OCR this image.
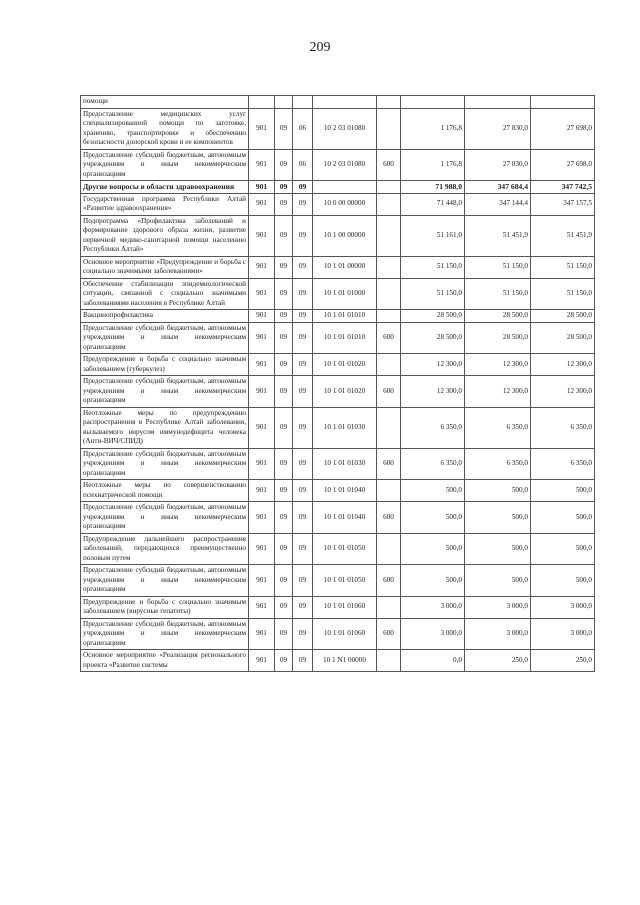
209
помощи								
Предоставление медицинских услуг специализированной помощи по заготовке, хранению, транспортировке и обеспечению безопасности донорской крови и ее компонентов	901	09	06	10 2 03 01080		1 176,8	27 830,0	27 698,0
Предоставление субсидий бюджетным, автономным учреждениям и иным некоммерческим организациям	901	09	06	10 2 03 01080	600	1 176,8	27 830,0	27 698,0
Другие вопросы в области здравоохранения	901	09	09			71 988,0	347 684,4	347 742,5
Государственная программа Республики Алтай «Развитие здравоохранения»	901	09	09	10 0 00 00000		71 448,0	347 144,4	347 157,5
Подпрограмма «Профилактика заболеваний и формирование здорового образа жизни, развитие первичной медико-санитарной помощи населению Республики Алтай»	901	09	09	10 1 00 00000		51 161,0	51 451,9	51 451,9
Основное мероприятие «Предупреждение и борьба с социально значимыми заболеваниями»	901	09	09	10 1 01 00000		51 150,0	51 150,0	51 150,0
Обеспечение стабилизации эпидемиологической ситуации, связанной с социально значимыми заболеваниями населения в Республике Алтай	901	09	09	10 1 01 01000		51 150,0	51 150,0	51 150,0
Вакцинопрофилактика	901	09	09	10 1 01 01010		28 500,0	28 500,0	28 500,0
Предоставление субсидий бюджетным, автономным учреждениям и иным некоммерческим организациям	901	09	09	10 1 01 01010	600	28 500,0	28 500,0	28 500,0
Предупреждение и борьба с социально значимым заболеванием (туберкулез)	901	09	09	10 1 01 01020		12 300,0	12 300,0	12 300,0
Предоставление субсидий бюджетным, автономным учреждениям и иным некоммерческим организациям	901	09	09	10 1 01 01020	600	12 300,0	12 300,0	12 300,0
Неотложные меры по предупреждению распространения в Республике Алтай заболевания, вызываемого вирусом иммунодефицита человека (Анти-ВИЧ/СПИД)	901	09	09	10 1 01 01030		6 350,0	6 350,0	6 350,0
Предоставление субсидий бюджетным, автономным учреждениям и иным некоммерческим организациям	901	09	09	10 1 01 01030	600	6 350,0	6 350,0	6 350,0
Неотложные меры по совершенствованию психиатрической помощи	901	09	09	10 1 01 01040		500,0	500,0	500,0
Предоставление субсидий бюджетным, автономным учреждениям и иным некоммерческим организациям	901	09	09	10 1 01 01040	600	500,0	500,0	500,0
Предупреждение дальнейшего распространения заболеваний, передающихся преимущественно половым путем	901	09	09	10 1 01 01050		500,0	500,0	500,0
Предоставление субсидий бюджетным, автономным учреждениям и иным некоммерческим организациям	901	09	09	10 1 01 01050	600	500,0	500,0	500,0
Предупреждение и борьба с социально значимым заболеванием (вирусные гепатиты)	901	09	09	10 1 01 01060		3 000,0	3 000,0	3 000,0
Предоставление субсидий бюджетным, автономным учреждениям и иным некоммерческим организациям	901	09	09	10 1 01 01060	600	3 000,0	3 000,0	3 000,0
Основное мероприятие «Реализация регионального проекта «Развитие системы	901	09	09	10 1 N1 00000		0,0	250,0	250,0
